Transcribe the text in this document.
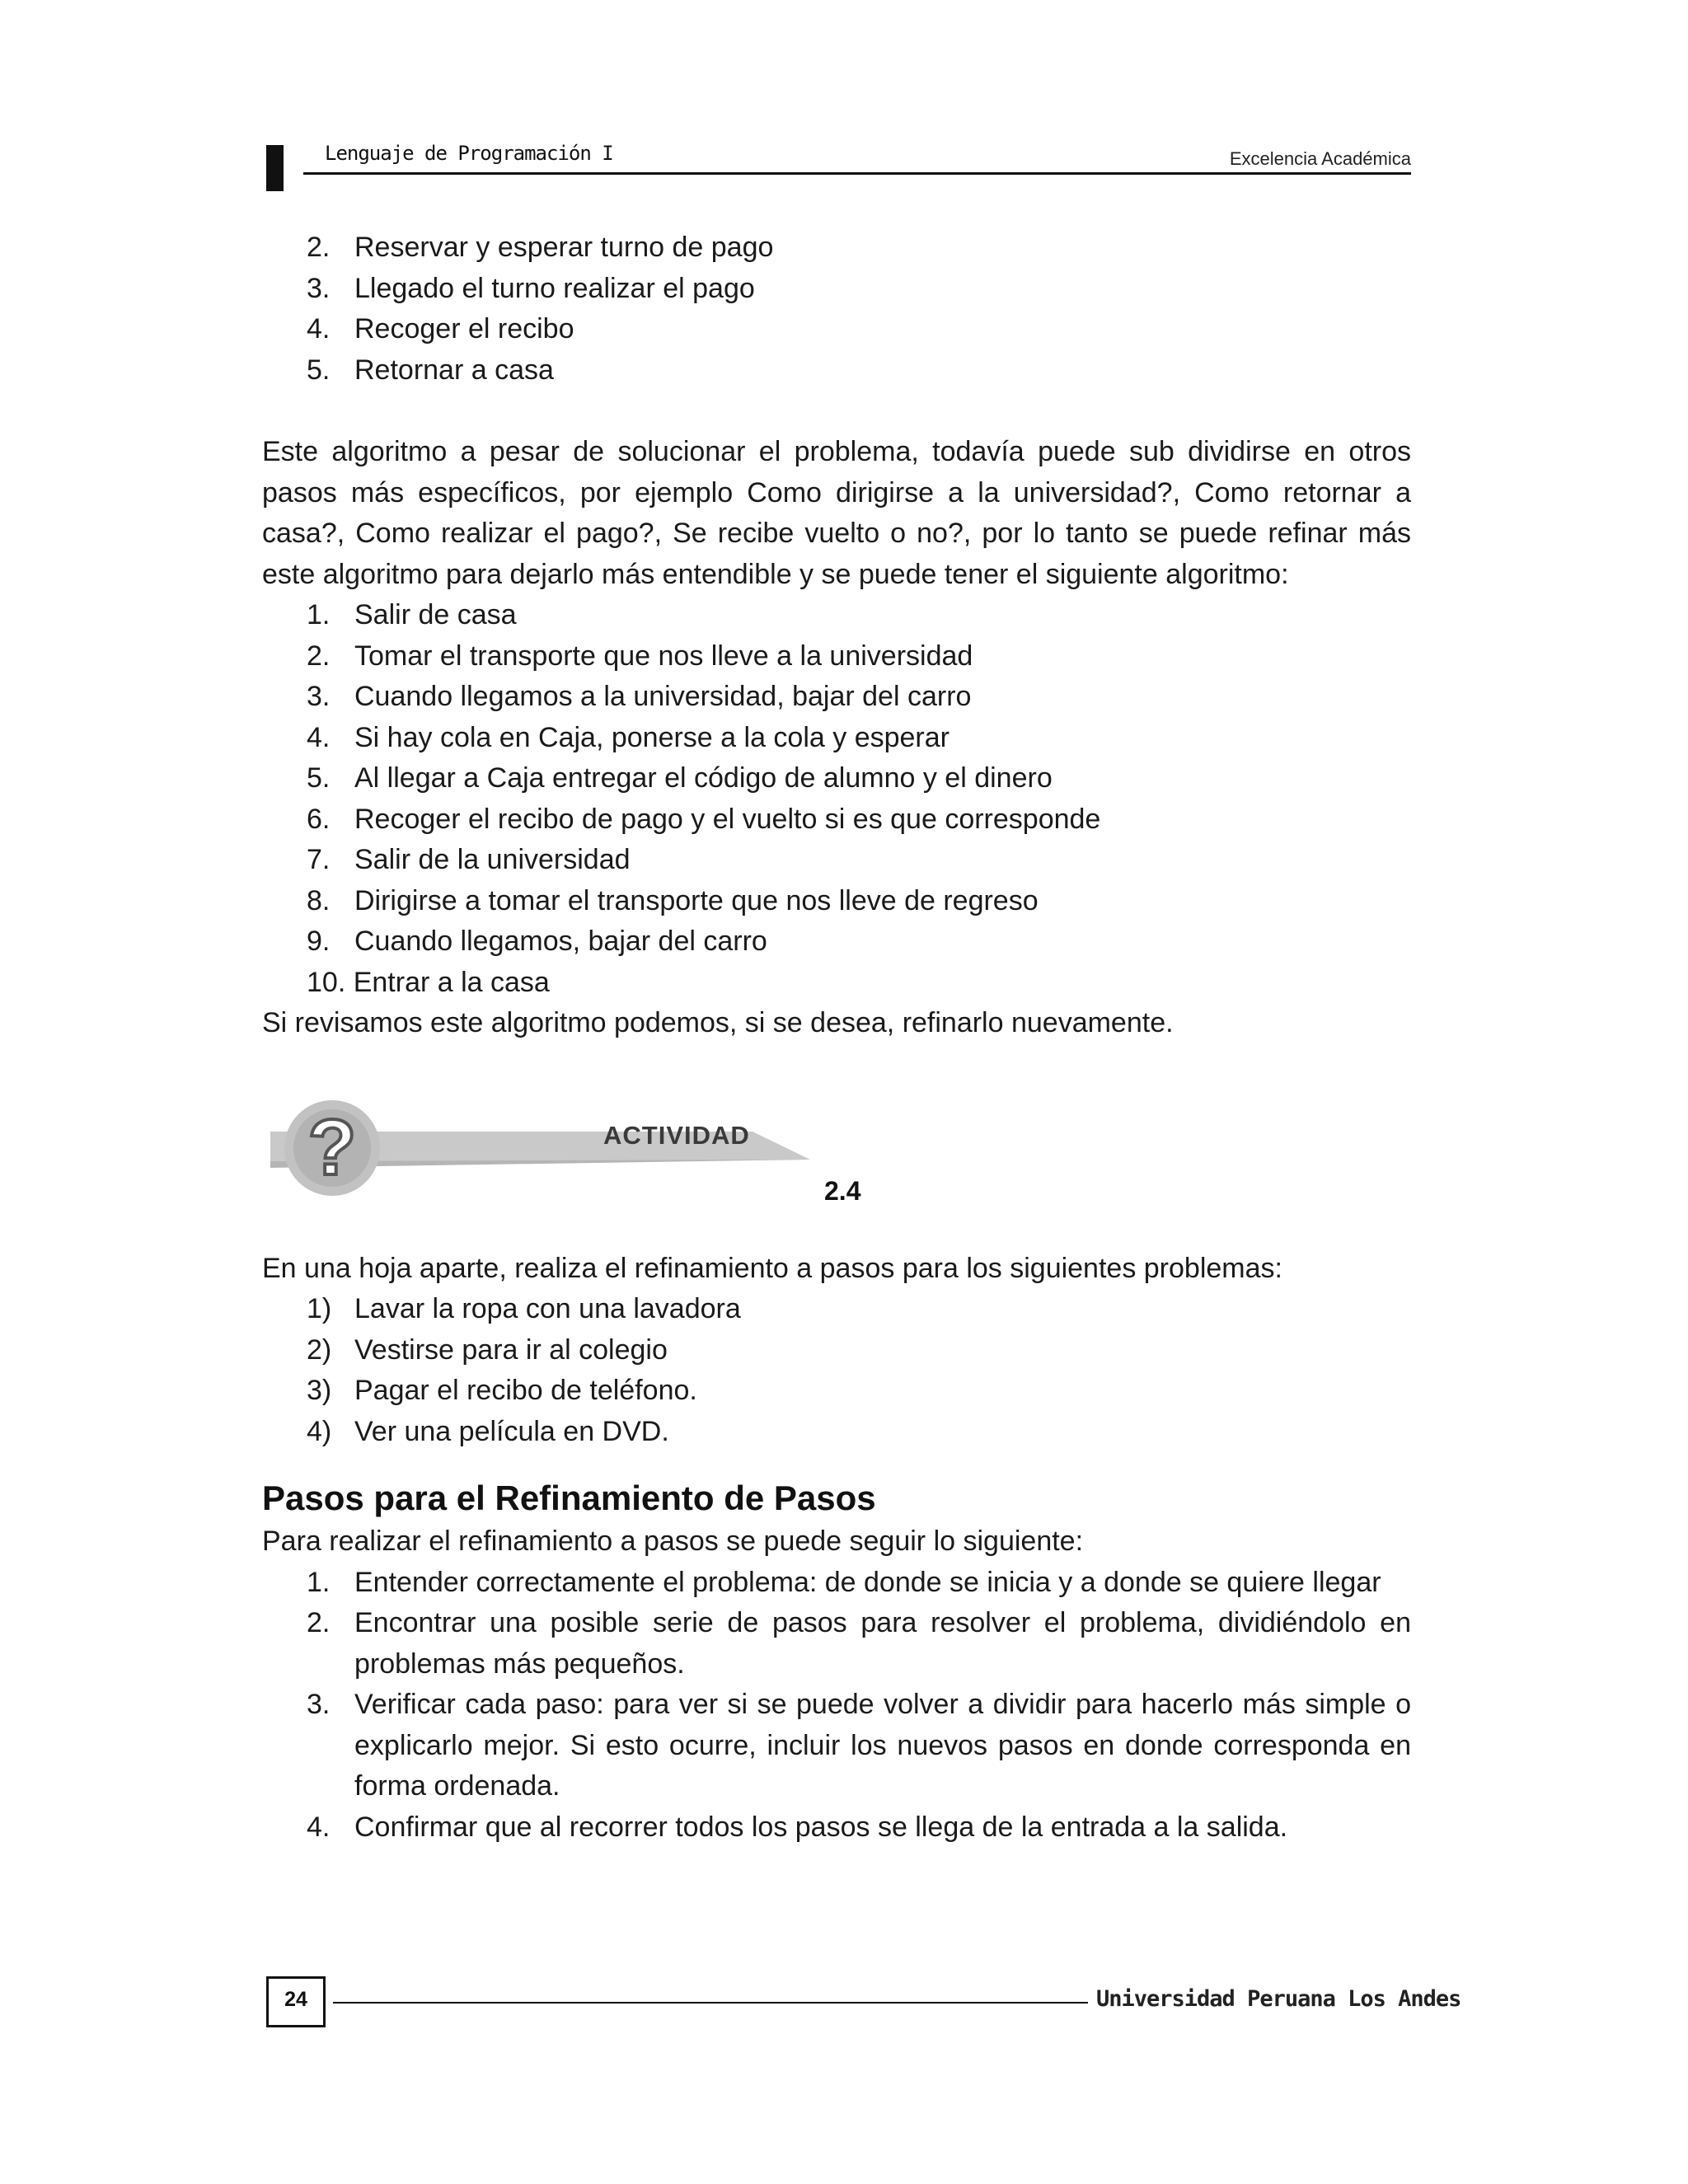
Lenguaje de Programación I	Excelencia Académica
2. Reservar y esperar turno de pago
3. Llegado el turno realizar el pago
4. Recoger el recibo
5. Retornar a casa

Este algoritmo a pesar de solucionar el problema, todavía puede sub dividirse en otros pasos más específicos, por ejemplo Como dirigirse a la universidad?, Como retornar a casa?, Como realizar el pago?, Se recibe vuelto o no?, por lo tanto se puede refinar más este algoritmo para dejarlo más entendible y se puede tener el siguiente algoritmo:

1. Salir de casa
2. Tomar el transporte que nos lleve a la universidad
3. Cuando llegamos a la universidad, bajar del carro
4. Si hay cola en Caja, ponerse a la cola y esperar
5. Al llegar a Caja entregar el código de alumno y el dinero
6. Recoger el recibo de pago y el vuelto si es que corresponde
7. Salir de la universidad
8. Dirigirse a tomar el transporte que nos lleve de regreso
9. Cuando llegamos, bajar del carro

10. Entrar a la casa

Si revisamos este algoritmo podemos, si se desea, refinarlo nuevamente.

?	ACTIVIDAD
2.4

En una hoja aparte, realiza el refinamiento a pasos para los siguientes problemas:

1) Lavar la ropa con una lavadora
2) Vestirse para ir al colegio
3) Pagar el recibo de teléfono.
4) Ver una película en DVD.
Pasos para el Refinamiento de Pasos

Para realizar el refinamiento a pasos se puede seguir lo siguiente:

1. Entender correctamente el problema: de donde se inicia y a donde se quiere llegar
2. Encontrar una posible serie de pasos para resolver el problema, dividiéndolo en problemas más pequeños.
3. Verificar cada paso: para ver si se puede volver a dividir para hacerlo más simple o explicarlo mejor. Si esto ocurre, incluir los nuevos pasos en donde corresponda en forma ordenada.
4. Confirmar que al recorrer todos los pasos se llega de la entrada a la salida.
24	Universidad Peruana Los Andes
